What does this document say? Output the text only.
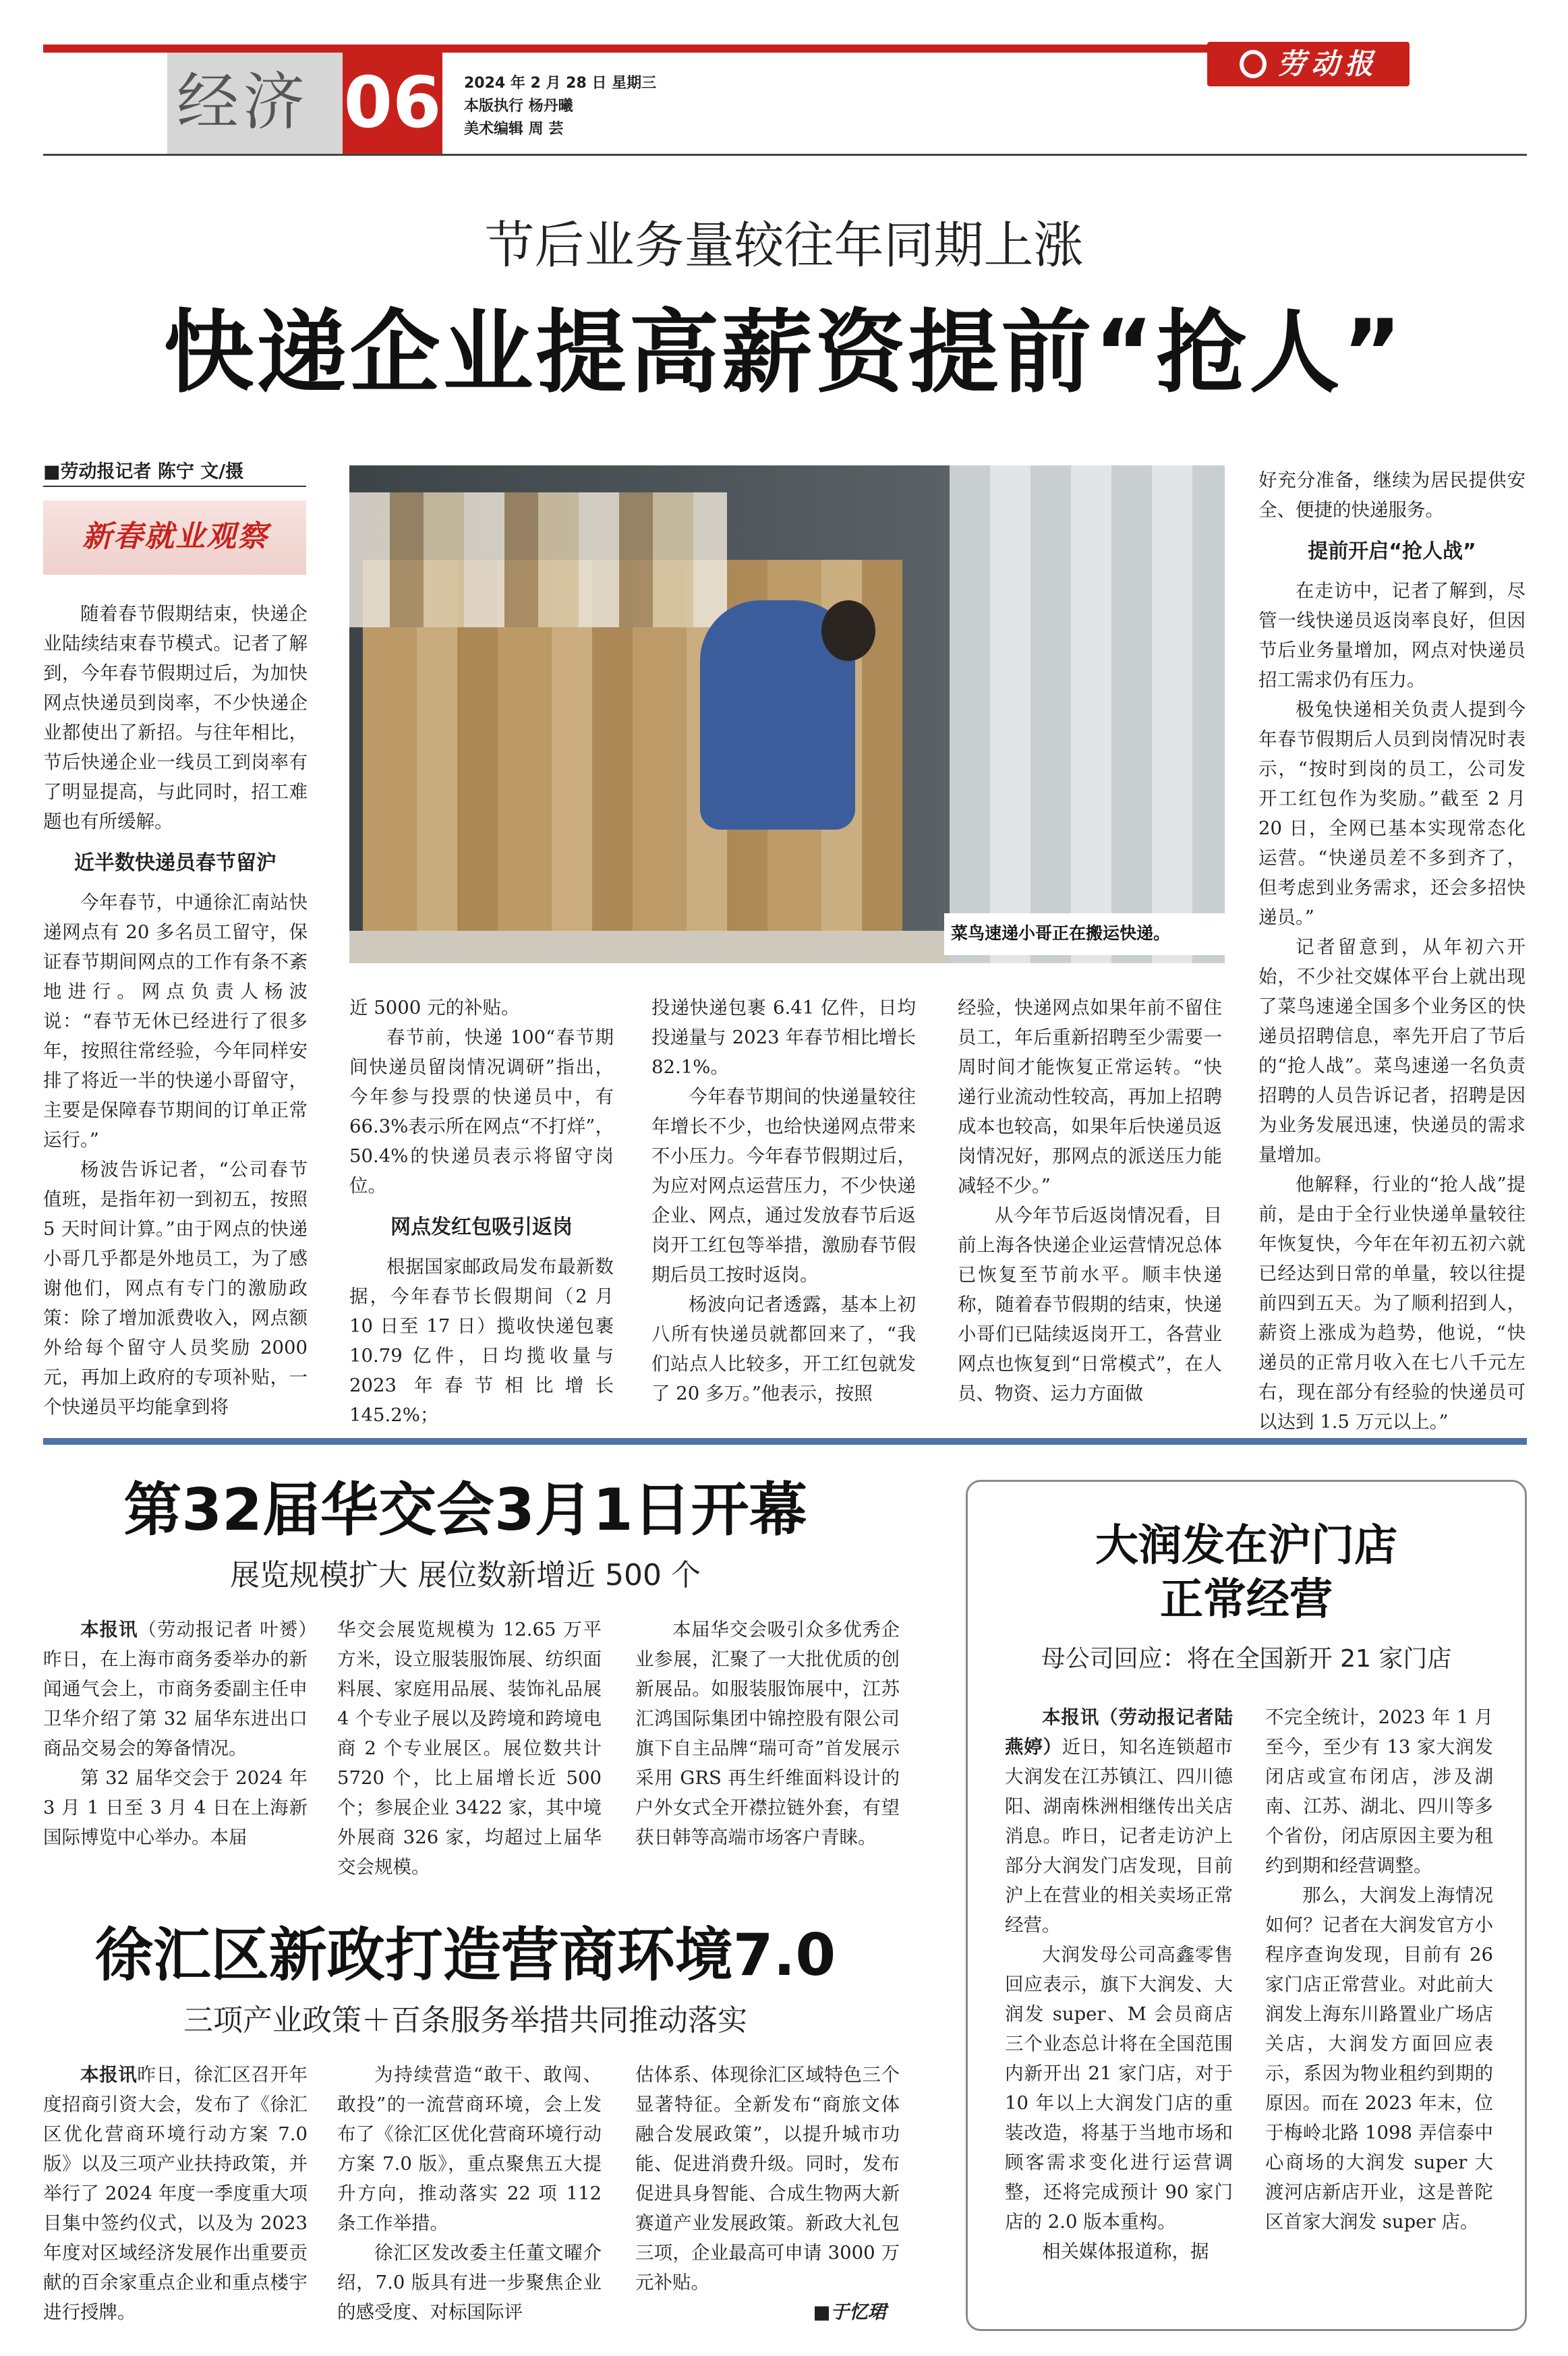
经济 06 2024 年 2 月 28 日 星期三
本版执行 杨丹曦
美术编辑 周 芸
劳动报
节后业务量较往年同期上涨
快递企业提高薪资提前“抢人”
■劳动报记者 陈宁 文/摄
新春就业观察
菜鸟速递小哥正在搬运快递。

随着春节假期结束，快递企业陆续结束春节模式。记者了解到，今年春节假期过后，为加快网点快递员到岗率，不少快递企业都使出了新招。与往年相比，节后快递企业一线员工到岗率有了明显提高，与此同时，招工难题也有所缓解。

近半数快递员春节留沪

今年春节，中通徐汇南站快递网点有 20 多名员工留守，保证春节期间网点的工作有条不紊地进行。网点负责人杨波说：“春节无休已经进行了很多年，按照往常经验，今年同样安排了将近一半的快递小哥留守，主要是保障春节期间的订单正常运行。”

杨波告诉记者，“公司春节值班，是指年初一到初五，按照 5 天时间计算。”由于网点的快递小哥几乎都是外地员工，为了感谢他们，网点有专门的激励政策：除了增加派费收入，网点额外给每个留守人员奖励 2000 元，再加上政府的专项补贴，一个快递员平均能拿到将

近 5000 元的补贴。

春节前，快递 100“春节期间快递员留岗情况调研”指出，今年参与投票的快递员中，有 66.3%表示所在网点“不打烊”，50.4%的快递员表示将留守岗位。

网点发红包吸引返岗

根据国家邮政局发布最新数据，今年春节长假期间（2 月 10 日至 17 日）揽收快递包裹 10.79 亿件，日均揽收量与 2023 年春节相比增长 145.2%；

投递快递包裹 6.41 亿件，日均投递量与 2023 年春节相比增长 82.1%。

今年春节期间的快递量较往年增长不少，也给快递网点带来不小压力。今年春节假期过后，为应对网点运营压力，不少快递企业、网点，通过发放春节后返岗开工红包等举措，激励春节假期后员工按时返岗。

杨波向记者透露，基本上初八所有快递员就都回来了，“我们站点人比较多，开工红包就发了 20 多万。”他表示，按照

经验，快递网点如果年前不留住员工，年后重新招聘至少需要一周时间才能恢复正常运转。“快递行业流动性较高，再加上招聘成本也较高，如果年后快递员返岗情况好，那网点的派送压力能减轻不少。”

从今年节后返岗情况看，目前上海各快递企业运营情况总体已恢复至节前水平。顺丰快递称，随着春节假期的结束，快递小哥们已陆续返岗开工，各营业网点也恢复到“日常模式”，在人员、物资、运力方面做

好充分准备，继续为居民提供安全、便捷的快递服务。

提前开启“抢人战”

在走访中，记者了解到，尽管一线快递员返岗率良好，但因节后业务量增加，网点对快递员招工需求仍有压力。

极兔快递相关负责人提到今年春节假期后人员到岗情况时表示，“按时到岗的员工，公司发开工红包作为奖励。”截至 2 月 20 日，全网已基本实现常态化运营。“快递员差不多到齐了，但考虑到业务需求，还会多招快递员。”

记者留意到，从年初六开始，不少社交媒体平台上就出现了菜鸟速递全国多个业务区的快递员招聘信息，率先开启了节后的“抢人战”。菜鸟速递一名负责招聘的人员告诉记者，招聘是因为业务发展迅速，快递员的需求量增加。

他解释，行业的“抢人战”提前，是由于全行业快递单量较往年恢复快，今年在年初五初六就已经达到日常的单量，较以往提前四到五天。为了顺利招到人，薪资上涨成为趋势，他说，“快递员的正常月收入在七八千元左右，现在部分有经验的快递员可以达到 1.5 万元以上。”

第32届华交会3月1日开幕
展览规模扩大 展位数新增近 500 个

本报讯（劳动报记者 叶赟）昨日，在上海市商务委举办的新闻通气会上，市商务委副主任申卫华介绍了第 32 届华东进出口商品交易会的筹备情况。

第 32 届华交会于 2024 年 3 月 1 日至 3 月 4 日在上海新国际博览中心举办。本届

华交会展览规模为 12.65 万平方米，设立服装服饰展、纺织面料展、家庭用品展、装饰礼品展 4 个专业子展以及跨境和跨境电商 2 个专业展区。展位数共计 5720 个，比上届增长近 500 个；参展企业 3422 家，其中境外展商 326 家，均超过上届华交会规模。

本届华交会吸引众多优秀企业参展，汇聚了一大批优质的创新展品。如服装服饰展中，江苏汇鸿国际集团中锦控股有限公司旗下自主品牌“瑞可奇”首发展示采用 GRS 再生纤维面料设计的户外女式全开襟拉链外套，有望获日韩等高端市场客户青睐。

徐汇区新政打造营商环境7.0
三项产业政策＋百条服务举措共同推动落实

本报讯昨日，徐汇区召开年度招商引资大会，发布了《徐汇区优化营商环境行动方案 7.0 版》以及三项产业扶持政策，并举行了 2024 年度一季度重大项目集中签约仪式，以及为 2023 年度对区域经济发展作出重要贡献的百余家重点企业和重点楼宇进行授牌。

为持续营造“敢干、敢闯、敢投”的一流营商环境，会上发布了《徐汇区优化营商环境行动方案 7.0 版》，重点聚焦五大提升方向，推动落实 22 项 112 条工作举措。

徐汇区发改委主任董文曜介绍，7.0 版具有进一步聚焦企业的感受度、对标国际评

估体系、体现徐汇区域特色三个显著特征。全新发布“商旅文体融合发展政策”，以提升城市功能、促进消费升级。同时，发布促进具身智能、合成生物两大新赛道产业发展政策。新政大礼包三项，企业最高可申请 3000 万元补贴。

■于忆珺
大润发在沪门店
正常经营
母公司回应：将在全国新开 21 家门店

本报讯（劳动报记者陆燕婷）近日，知名连锁超市大润发在江苏镇江、四川德阳、湖南株洲相继传出关店消息。昨日，记者走访沪上部分大润发门店发现，目前沪上在营业的相关卖场正常经营。

大润发母公司高鑫零售回应表示，旗下大润发、大润发 super、M 会员商店三个业态总计将在全国范围内新开出 21 家门店，对于 10 年以上大润发门店的重装改造，将基于当地市场和顾客需求变化进行运营调整，还将完成预计 90 家门店的 2.0 版本重构。

相关媒体报道称，据

不完全统计，2023 年 1 月至今，至少有 13 家大润发闭店或宣布闭店，涉及湖南、江苏、湖北、四川等多个省份，闭店原因主要为租约到期和经营调整。

那么，大润发上海情况如何？记者在大润发官方小程序查询发现，目前有 26 家门店正常营业。对此前大润发上海东川路置业广场店关店，大润发方面回应表示，系因为物业租约到期的原因。而在 2023 年末，位于梅岭北路 1098 弄信泰中心商场的大润发 super 大渡河店新店开业，这是普陀区首家大润发 super 店。
